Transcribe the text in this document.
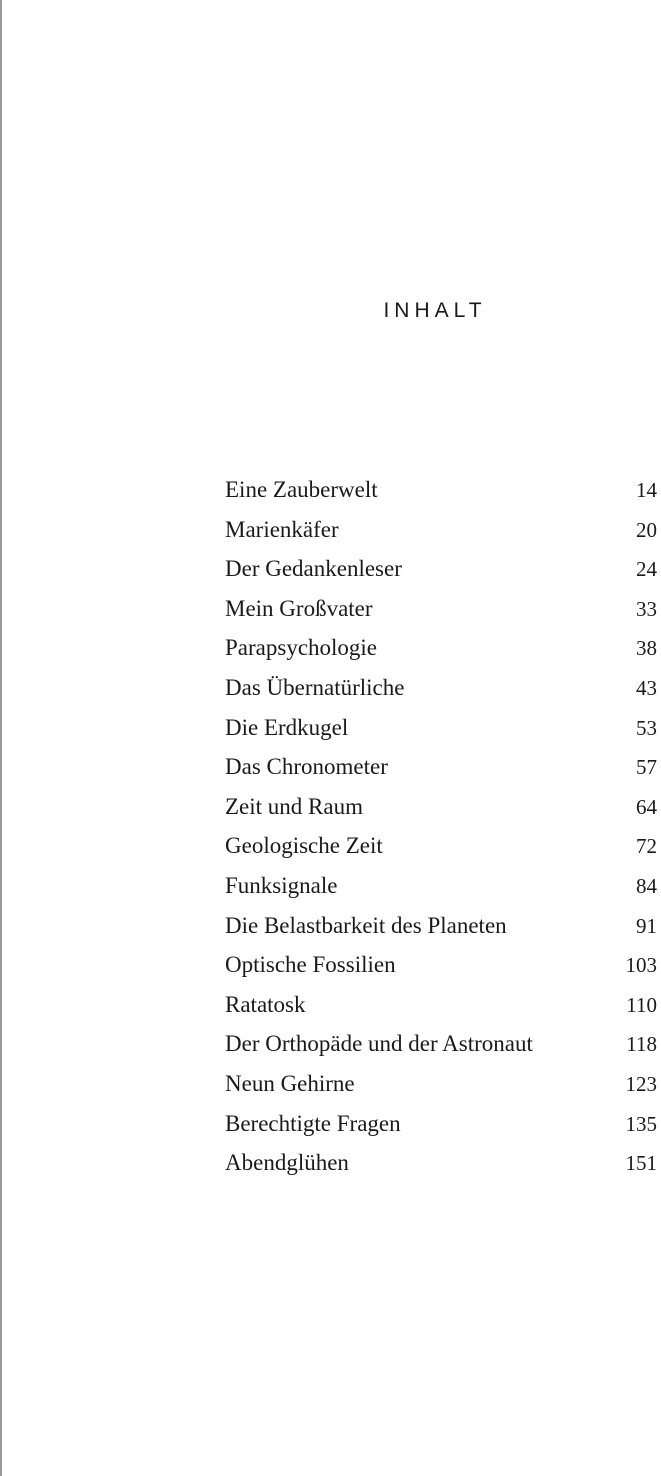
INHALT
Eine Zauberwelt	14
Marienkäfer	20
Der Gedankenleser	24
Mein Großvater	33
Parapsychologie	38
Das Übernatürliche	43
Die Erdkugel	53
Das Chronometer	57
Zeit und Raum	64
Geologische Zeit	72
Funksignale	84
Die Belastbarkeit des Planeten	91
Optische Fossilien	103
Ratatosk	110
Der Orthopäde und der Astronaut	118
Neun Gehirne	123
Berechtigte Fragen	135
Abendglühen	151
